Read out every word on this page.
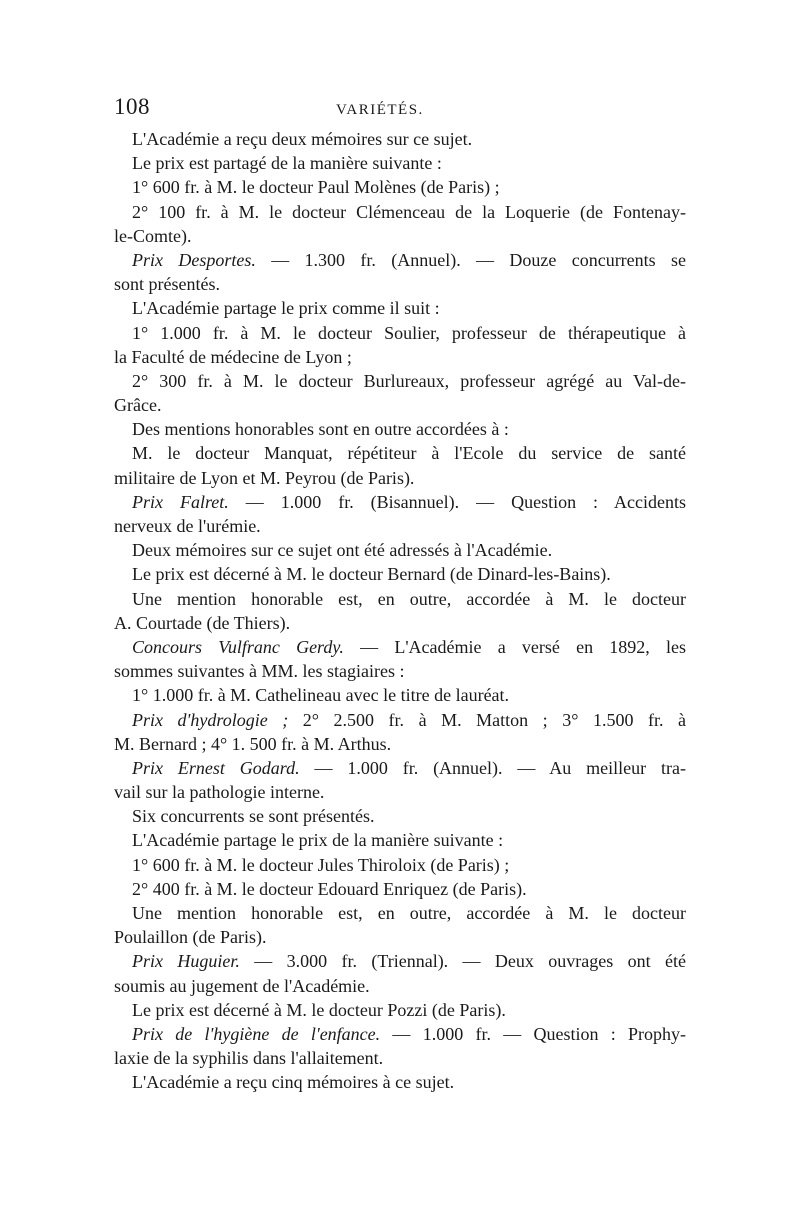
108	VARIÉTÉS.
L'Académie a reçu deux mémoires sur ce sujet.
Le prix est partagé de la manière suivante :
1° 600 fr. à M. le docteur Paul Molènes (de Paris) ;
2° 100 fr. à M. le docteur Clémenceau de la Loquerie (de Fontenay-
le-Comte).
Prix Desportes. — 1.300 fr. (Annuel). — Douze concurrents se
sont présentés.
L'Académie partage le prix comme il suit :
1° 1.000 fr. à M. le docteur Soulier, professeur de thérapeutique à
la Faculté de médecine de Lyon ;
2° 300 fr. à M. le docteur Burlureaux, professeur agrégé au Val-de-
Grâce.
Des mentions honorables sont en outre accordées à :
M. le docteur Manquat, répétiteur à l'Ecole du service de santé
militaire de Lyon et M. Peyrou (de Paris).
Prix Falret. — 1.000 fr. (Bisannuel). — Question : Accidents
nerveux de l'urémie.
Deux mémoires sur ce sujet ont été adressés à l'Académie.
Le prix est décerné à M. le docteur Bernard (de Dinard-les-Bains).
Une mention honorable est, en outre, accordée à M. le docteur
A. Courtade (de Thiers).
Concours Vulfranc Gerdy. — L'Académie a versé en 1892, les
sommes suivantes à MM. les stagiaires :
1° 1.000 fr. à M. Cathelineau avec le titre de lauréat.
Prix d'hydrologie ; 2° 2.500 fr. à M. Matton ; 3° 1.500 fr. à
M. Bernard ; 4° 1. 500 fr. à M. Arthus.
Prix Ernest Godard. — 1.000 fr. (Annuel). — Au meilleur tra-
vail sur la pathologie interne.
Six concurrents se sont présentés.
L'Académie partage le prix de la manière suivante :
1° 600 fr. à M. le docteur Jules Thiroloix (de Paris) ;
2° 400 fr. à M. le docteur Edouard Enriquez (de Paris).
Une mention honorable est, en outre, accordée à M. le docteur
Poulaillon (de Paris).
Prix Huguier. — 3.000 fr. (Triennal). — Deux ouvrages ont été
soumis au jugement de l'Académie.
Le prix est décerné à M. le docteur Pozzi (de Paris).
Prix de l'hygiène de l'enfance. — 1.000 fr. — Question : Prophy-
laxie de la syphilis dans l'allaitement.
L'Académie a reçu cinq mémoires à ce sujet.
